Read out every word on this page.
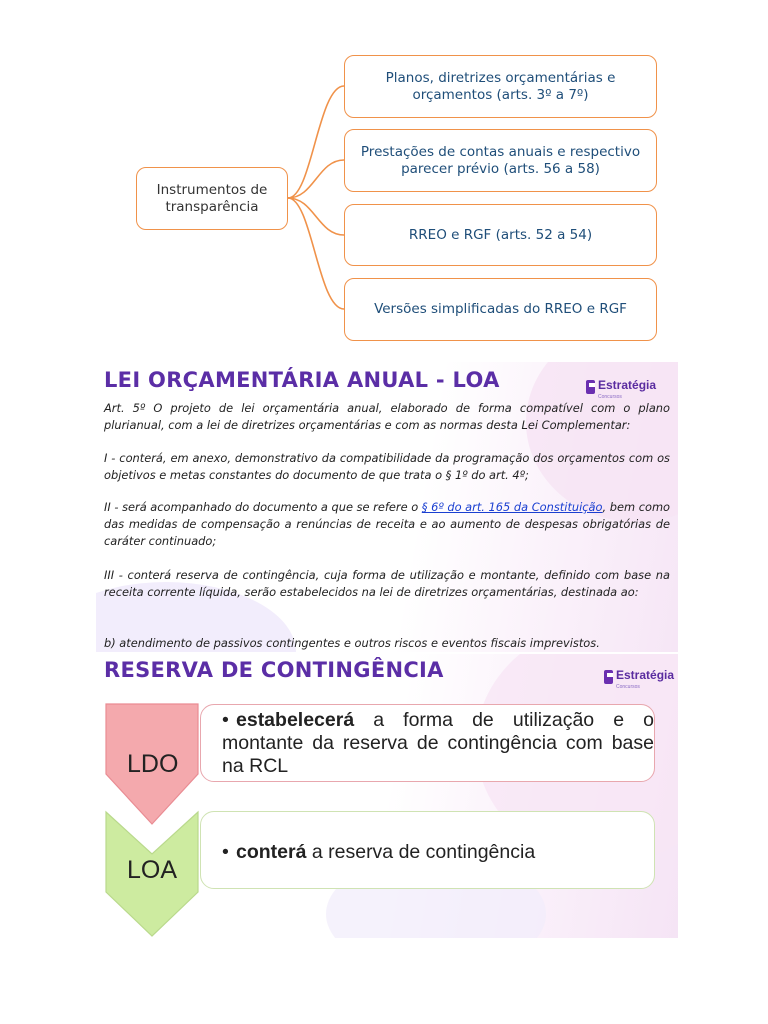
Instrumentos de transparência
Planos, diretrizes orçamentárias e orçamentos (arts. 3º a 7º)
Prestações de contas anuais e respectivo parecer prévio (arts. 56 a 58)
RREO e RGF (arts. 52 a 54)
Versões simplificadas do RREO e RGF
LEI ORÇAMENTÁRIA ANUAL - LOA	Estratégia
Concursos

Art. 5º O projeto de lei orçamentária anual, elaborado de forma compatível com o plano plurianual, com a lei de diretrizes orçamentárias e com as normas desta Lei Complementar:

I - conterá, em anexo, demonstrativo da compatibilidade da programação dos orçamentos com os objetivos e metas constantes do documento de que trata o § 1º do art. 4º;

II - será acompanhado do documento a que se refere o § 6º do art. 165 da Constituição, bem como das medidas de compensação a renúncias de receita e ao aumento de despesas obrigatórias de caráter continuado;

III - conterá reserva de contingência, cuja forma de utilização e montante, definido com base na receita corrente líquida, serão estabelecidos na lei de diretrizes orçamentárias, destinada ao:

b) atendimento de passivos contingentes e outros riscos e eventos fiscais imprevistos.

RESERVA DE CONTINGÊNCIA	Estratégia
Concursos
LDO
LOA
• estabelecerá a forma de utilização e o
montante da reserva de contingência com base na RCL
• conterá a reserva de contingência
